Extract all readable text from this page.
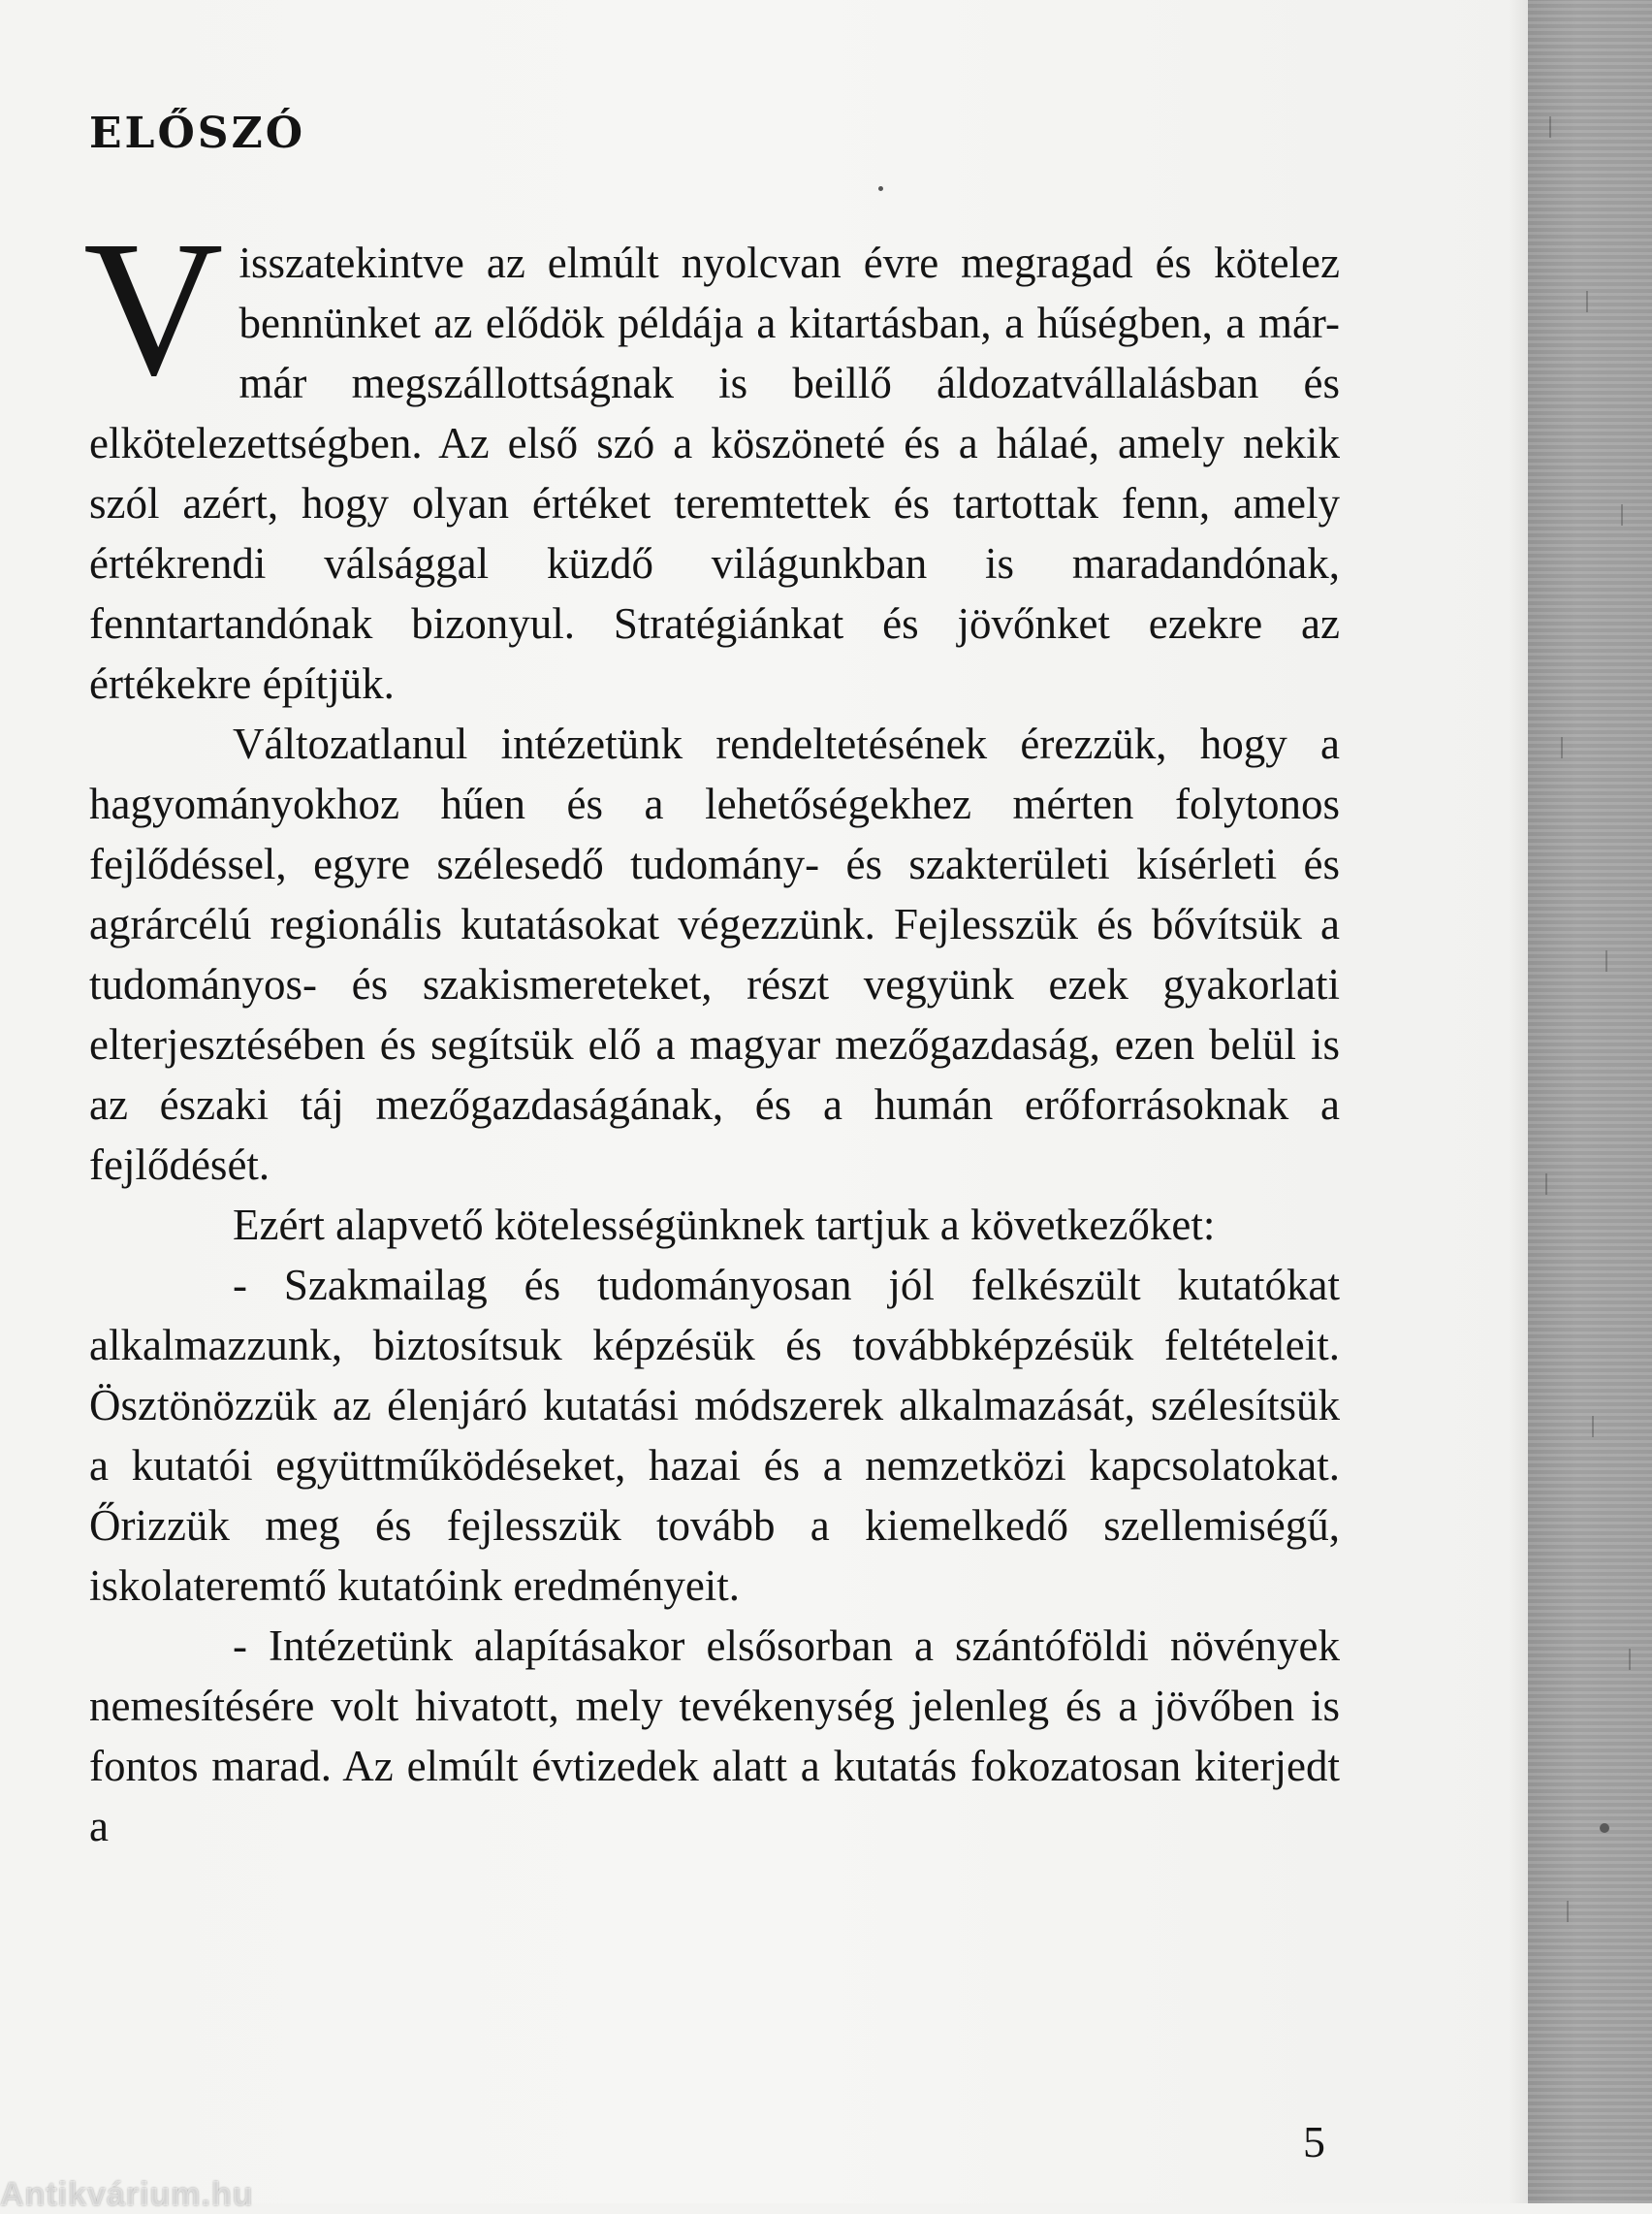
ELŐSZÓ

Visszatekintve az elmúlt nyolcvan évre megragad és kötelez bennünket az elődök példája a kitartásban, a hűségben, a már-már megszállottságnak is beillő áldozatvállalásban és elkötelezettségben. Az első szó a köszöneté és a hálaé, amely nekik szól azért, hogy olyan értéket teremtettek és tartottak fenn, amely értékrendi válsággal küzdő világunkban is maradandónak, fenntartandónak bizonyul. Stratégiánkat és jövőnket ezekre az értékekre építjük.

Változatlanul intézetünk rendeltetésének érezzük, hogy a hagyományokhoz hűen és a lehetőségekhez mérten folytonos fejlődéssel, egyre szélesedő tudomány- és szakterületi kísérleti és agrárcélú regionális kutatásokat végezzünk. Fejlesszük és bővítsük a tudományos- és szakismereteket, részt vegyünk ezek gyakorlati elterjesztésében és segítsük elő a magyar mezőgazdaság, ezen belül is az északi táj mezőgazdaságának, és a humán erőforrásoknak a fejlődését.

Ezért alapvető kötelességünknek tartjuk a következőket:

- Szakmailag és tudományosan jól felkészült kutatókat alkalmazzunk, biztosítsuk képzésük és továbbképzésük feltételeit. Ösztönözzük az élenjáró kutatási módszerek alkalmazását, szélesítsük a kutatói együttműködéseket, hazai és a nemzetközi kapcsolatokat. Őrizzük meg és fejlesszük tovább a kiemelkedő szellemiségű, iskolateremtő kutatóink eredményeit.

- Intézetünk alapításakor elsősorban a szántóföldi növények nemesítésére volt hivatott, mely tevékenység jelenleg és a jövőben is fontos marad. Az elmúlt évtizedek alatt a kutatás fokozatosan kiterjedt a

5

Antikvárium.hu
